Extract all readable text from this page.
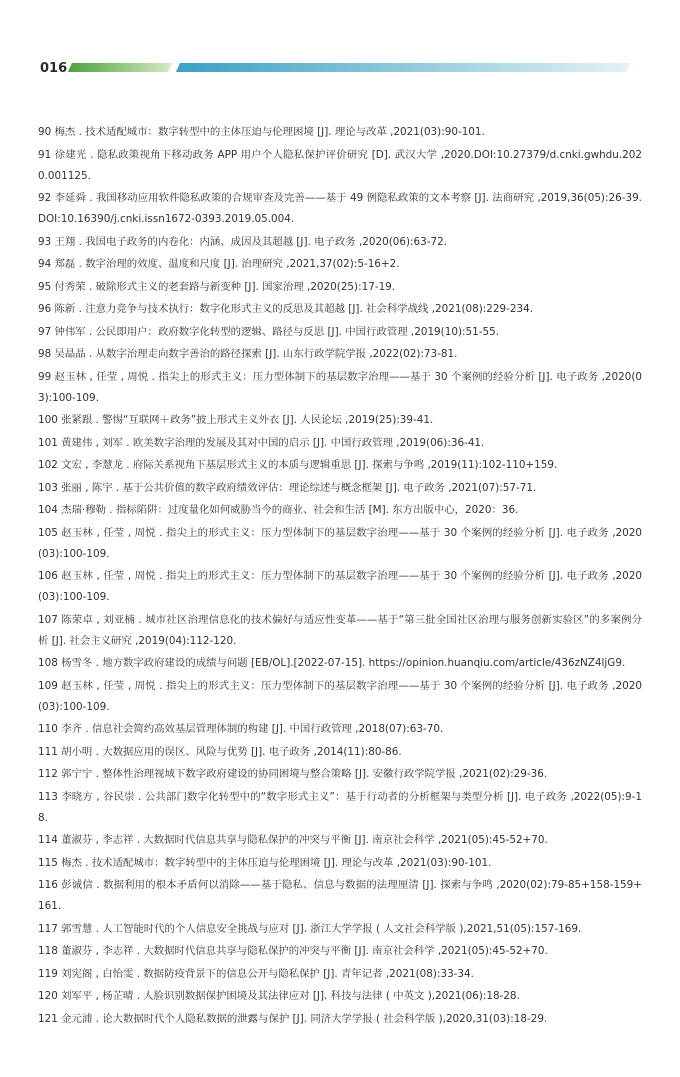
016
90 梅杰 . 技术适配城市：数字转型中的主体压迫与伦理困境 [J]. 理论与改革 ,2021(03):90-101.
91 徐建光 . 隐私政策视角下移动政务 APP 用户个人隐私保护评价研究 [D]. 武汉大学 ,2020.DOI:10.27379/d.cnki.gwhdu.2020.001125.
92 李延舜 . 我国移动应用软件隐私政策的合规审查及完善——基于 49 例隐私政策的文本考察 [J]. 法商研究 ,2019,36(05):26-39. DOI:10.16390/j.cnki.issn1672-0393.2019.05.004.
93 王翔 . 我国电子政务的内卷化：内涵、成因及其超越 [J]. 电子政务 ,2020(06):63-72.
94 郑磊 . 数字治理的效度、温度和尺度 [J]. 治理研究 ,2021,37(02):5-16+2.
95 付秀荣 . 破除形式主义的老套路与新变种 [J]. 国家治理 ,2020(25):17-19.
96 陈新 . 注意力竞争与技术执行：数字化形式主义的反思及其超越 [J]. 社会科学战线 ,2021(08):229-234.
97 钟伟军 . 公民即用户：政府数字化转型的逻辑、路径与反思 [J]. 中国行政管理 ,2019(10):51-55.
98 吴晶晶 . 从数字治理走向数字善治的路径探索 [J]. 山东行政学院学报 ,2022(02):73-81.
99 赵玉林 , 任莹 , 周悦 . 指尖上的形式主义：压力型体制下的基层数字治理——基于 30 个案例的经验分析 [J]. 电子政务 ,2020(03):100-109.
100 张紧跟 . 警惕“互联网＋政务”披上形式主义外衣 [J]. 人民论坛 ,2019(25):39-41.
101 黄建伟 , 刘军 . 欧美数字治理的发展及其对中国的启示 [J]. 中国行政管理 ,2019(06):36-41.
102 文宏 , 李慧龙 . 府际关系视角下基层形式主义的本质与逻辑重思 [J]. 探索与争鸣 ,2019(11):102-110+159.
103 张丽 , 陈宇 . 基于公共价值的数字政府绩效评估：理论综述与概念框架 [J]. 电子政务 ,2021(07):57-71.
104 杰瑞·穆勒 . 指标陷阱：过度量化如何威胁当今的商业、社会和生活 [M]. 东方出版中心，2020：36.
105 赵玉林 , 任莹 , 周悦 . 指尖上的形式主义：压力型体制下的基层数字治理——基于 30 个案例的经验分析 [J]. 电子政务 ,2020(03):100-109.
106 赵玉林 , 任莹 , 周悦 . 指尖上的形式主义：压力型体制下的基层数字治理——基于 30 个案例的经验分析 [J]. 电子政务 ,2020(03):100-109.
107 陈荣卓 , 刘亚楠 . 城市社区治理信息化的技术偏好与适应性变革——基于“第三批全国社区治理与服务创新实验区”的多案例分析 [J]. 社会主义研究 ,2019(04):112-120.
108 杨雪冬 . 地方数字政府建设的成绩与问题 [EB/OL].[2022-07-15]. https://opinion.huanqiu.com/article/436zNZ4ljG9.
109 赵玉林 , 任莹 , 周悦 . 指尖上的形式主义：压力型体制下的基层数字治理——基于 30 个案例的经验分析 [J]. 电子政务 ,2020(03):100-109.
110 李齐 . 信息社会简约高效基层管理体制的构建 [J]. 中国行政管理 ,2018(07):63-70.
111 胡小明 . 大数据应用的误区、风险与优势 [J]. 电子政务 ,2014(11):80-86.
112 郭宁宁 . 整体性治理视域下数字政府建设的协同困境与整合策略 [J]. 安徽行政学院学报 ,2021(02):29-36.
113 李晓方 , 谷民崇 . 公共部门数字化转型中的“数字形式主义”：基于行动者的分析框架与类型分析 [J]. 电子政务 ,2022(05):9-18.
114 董淑芬 , 李志祥 . 大数据时代信息共享与隐私保护的冲突与平衡 [J]. 南京社会科学 ,2021(05):45-52+70.
115 梅杰 . 技术适配城市：数字转型中的主体压迫与伦理困境 [J]. 理论与改革 ,2021(03):90-101.
116 彭诚信 . 数据利用的根本矛盾何以消除——基于隐私、信息与数据的法理厘清 [J]. 探索与争鸣 ,2020(02):79-85+158-159+161.
117 郭雪慧 . 人工智能时代的个人信息安全挑战与应对 [J]. 浙江大学学报 ( 人文社会科学版 ),2021,51(05):157-169.
118 董淑芬 , 李志祥 . 大数据时代信息共享与隐私保护的冲突与平衡 [J]. 南京社会科学 ,2021(05):45-52+70.
119 刘宪阁 , 白怡雯 . 数据防疫背景下的信息公开与隐私保护 [J]. 青年记者 ,2021(08):33-34.
120 刘军平 , 杨芷晴 . 人脸识别数据保护困境及其法律应对 [J]. 科技与法律 ( 中英文 ),2021(06):18-28.
121 金元浦 . 论大数据时代个人隐私数据的泄露与保护 [J]. 同济大学学报 ( 社会科学版 ),2020,31(03):18-29.
